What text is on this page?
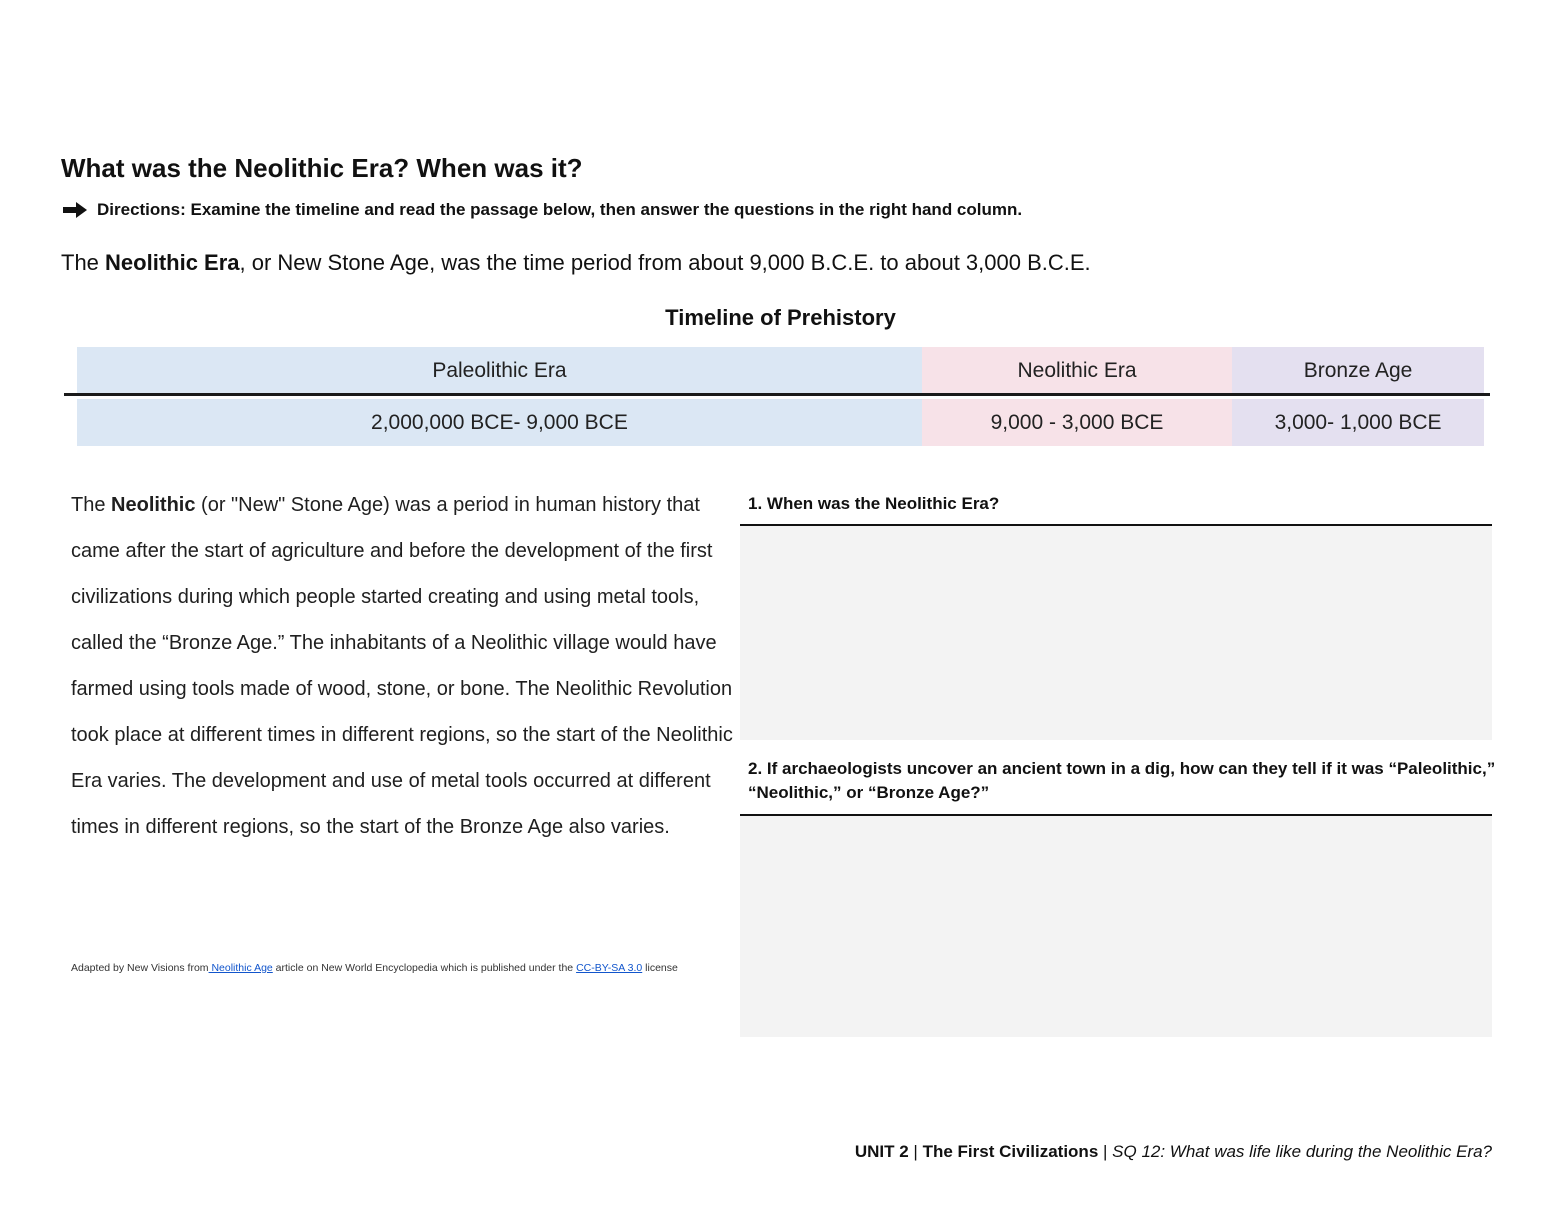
What was the Neolithic Era? When was it?
Directions: Examine the timeline and read the passage below, then answer the questions in the right hand column.

The Neolithic Era, or New Stone Age, was the time period from about 9,000 B.C.E. to about 3,000 B.C.E.

Timeline of Prehistory
Paleolithic Era	Neolithic Era	Bronze Age
2,000,000 BCE- 9,000 BCE	9,000 - 3,000 BCE	3,000- 1,000 BCE

The Neolithic (or "New" Stone Age) was a period in human history that came after the start of agriculture and before the development of the first civilizations during which people started creating and using metal tools, called the “Bronze Age.” The inhabitants of a Neolithic village would have farmed using tools made of wood, stone, or bone. The Neolithic Revolution took place at different times in different regions, so the start of the Neolithic Era varies. The development and use of metal tools occurred at different times in different regions, so the start of the Bronze Age also varies.

Adapted by New Visions from Neolithic Age article on New World Encyclopedia which is published under the CC-BY-SA 3.0 license

1. When was the Neolithic Era?
2. If archaeologists uncover an ancient town in a dig, how can they tell if it was “Paleolithic,” “Neolithic,” or “Bronze Age?”
UNIT 2 | The First Civilizations | SQ 12: What was life like during the Neolithic Era?
